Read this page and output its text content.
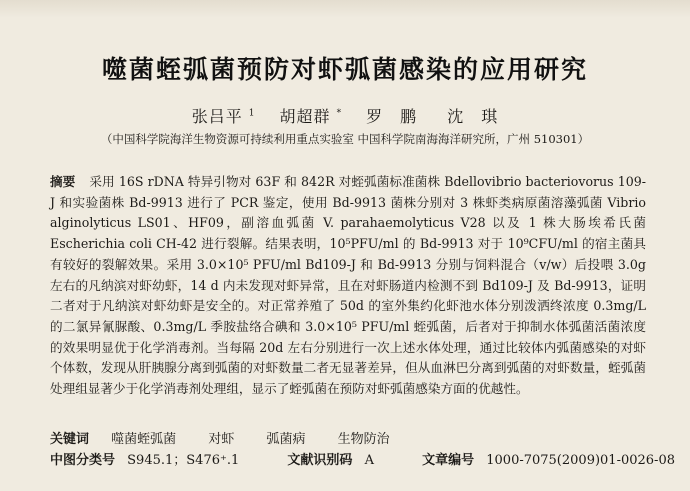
噬菌蛭弧菌预防对虾弧菌感染的应用研究
张吕平 $^1$ 胡超群 * 罗　鹏 沈　琪
（中国科学院海洋生物资源可持续利用重点实验室 中国科学院南海海洋研究所，广州 510301）
摘要 采用 16S rDNA 特异引物对 63F 和 842R 对蛭弧菌标准菌株 Bdellovibrio bacteriovorus 109-J 和实验菌株 Bd-9913 进行了 PCR 鉴定，使用 Bd-9913 菌株分别对 3 株虾类病原菌溶藻弧菌 Vibrio alginolyticus LS01、HF09，副溶血弧菌 V. parahaemolyticus V28 以及 1 株大肠埃希氏菌 Escherichia coli CH-42 进行裂解。结果表明，10⁵PFU/ml 的 Bd-9913 对于 10⁹CFU/ml 的宿主菌具有较好的裂解效果。采用 3.0×10⁵ PFU/ml Bd109-J 和 Bd-9913 分别与饲料混合（v/w）后投喂 3.0g 左右的凡纳滨对虾幼虾，14 d 内未发现对虾异常，且在对虾肠道内检测不到 Bd109-J 及 Bd-9913，证明二者对于凡纳滨对虾幼虾是安全的。对正常养殖了 50d 的室外集约化虾池水体分别泼洒终浓度 0.3mg/L 的二氯异氰脲酸、0.3mg/L 季胺盐络合碘和 3.0×10⁵ PFU/ml 蛭弧菌，后者对于抑制水体弧菌活菌浓度的效果明显优于化学消毒剂。当每隔 20d 左右分别进行一次上述水体处理，通过比较体内弧菌感染的对虾个体数，发现从肝胰腺分离到弧菌的对虾数量二者无显著差异，但从血淋巴分离到弧菌的对虾数量，蛭弧菌处理组显著少于化学消毒剂处理组，显示了蛭弧菌在预防对虾弧菌感染方面的优越性。
关键词 噬菌蛭弧菌 对虾 弧菌病 生物防治
中图分类号 S945.1；S476⁺.1	文献识别码 A	文章编号 1000-7075(2009)01-0026-08
